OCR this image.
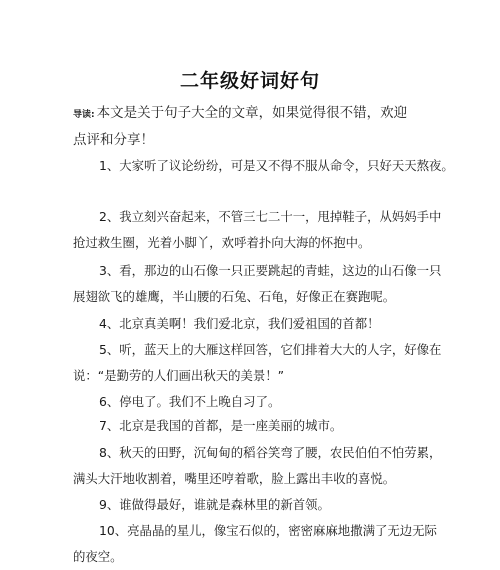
二年级好词好句
导读: 本文是关于句子大全的文章，如果觉得很不错，欢迎
点评和分享！
1、大家听了议论纷纷，可是又不得不服从命令，只好天天熬夜。
2、我立刻兴奋起来，不管三七二十一，甩掉鞋子，从妈妈手中
抢过救生圈，光着小脚丫，欢呼着扑向大海的怀抱中。
3、看，那边的山石像一只正要跳起的青蛙，这边的山石像一只
展翅欲飞的雄鹰，半山腰的石兔、石龟，好像正在赛跑呢。
4、北京真美啊！我们爱北京，我们爱祖国的首都！
5、听，蓝天上的大雁这样回答，它们排着大大的人字，好像在
说：“是勤劳的人们画出秋天的美景！”
6、停电了。我们不上晚自习了。
7、北京是我国的首都，是一座美丽的城市。
8、秋天的田野，沉甸甸的稻谷笑弯了腰，农民伯伯不怕劳累，
满头大汗地收割着，嘴里还哼着歌，脸上露出丰收的喜悦。
9、谁做得最好，谁就是森林里的新首领。
10、亮晶晶的星儿，像宝石似的，密密麻麻地撒满了无边无际
的夜空。
